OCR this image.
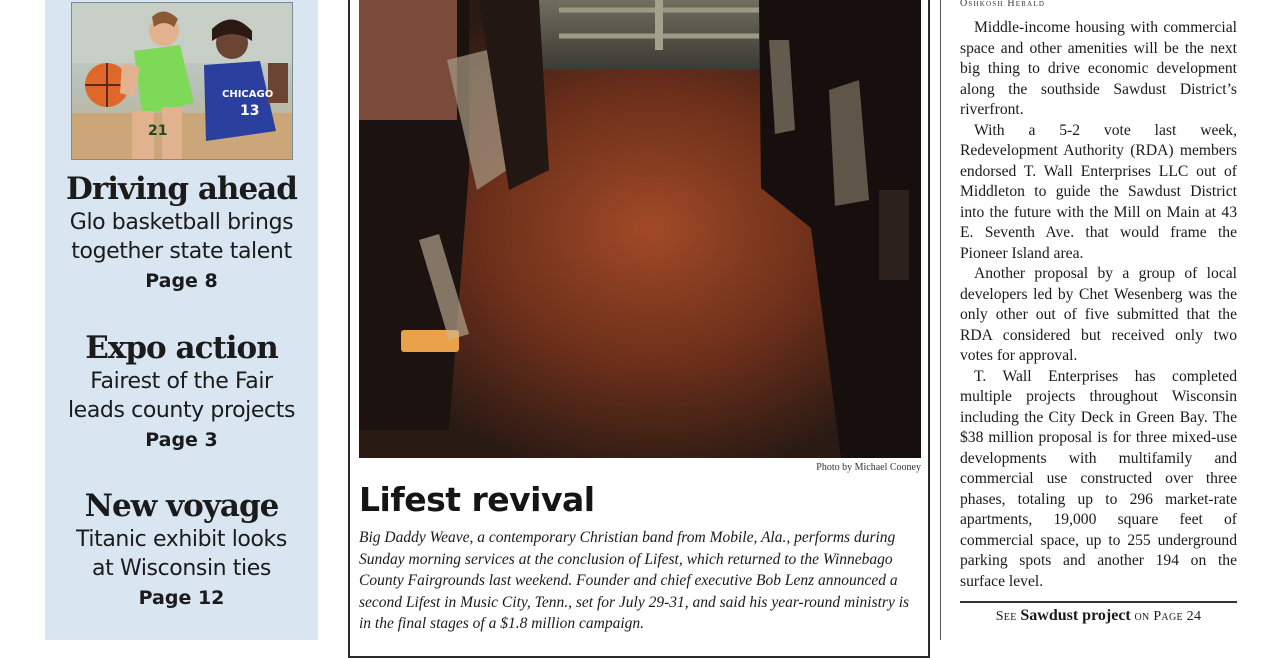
21
CHICAGO
13
Driving ahead
Glo basketball brings
together state talent
Page 8
Expo action
Fairest of the Fair
leads county projects
Page 3
New voyage
Titanic exhibit looks
at Wisconsin ties
Page 12
Photo by Michael Cooney
Lifest revival

Big Daddy Weave, a contemporary Christian band from Mobile, Ala., performs during Sunday morning services at the conclusion of Lifest, which returned to the Winnebago County Fairgrounds last weekend. Founder and chief executive Bob Lenz announced a second Lifest in Music City, Tenn., set for July 29-31, and said his year-round ministry is in the final stages of a $1.8 million campaign.

Oshkosh Herald

Middle-income housing with commercial space and other amenities will be the next big thing to drive economic development along the southside Sawdust District’s riverfront.

With a 5-2 vote last week, Redevelopment Authority (RDA) members endorsed T. Wall Enterprises LLC out of Middleton to guide the Sawdust District into the future with the Mill on Main at 43 E. Seventh Ave. that would frame the Pioneer Island area.

Another proposal by a group of local developers led by Chet Wesenberg was the only other out of five submitted that the RDA considered but received only two votes for approval.

T. Wall Enterprises has completed multiple projects throughout Wisconsin including the City Deck in Green Bay. The $38 million proposal is for three mixed-use developments with multifamily and commercial use constructed over three phases, totaling up to 296 market-rate apartments, 19,000 square feet of commercial space, up to 255 underground parking spots and another 194 on the surface level.

See Sawdust project on Page 24
